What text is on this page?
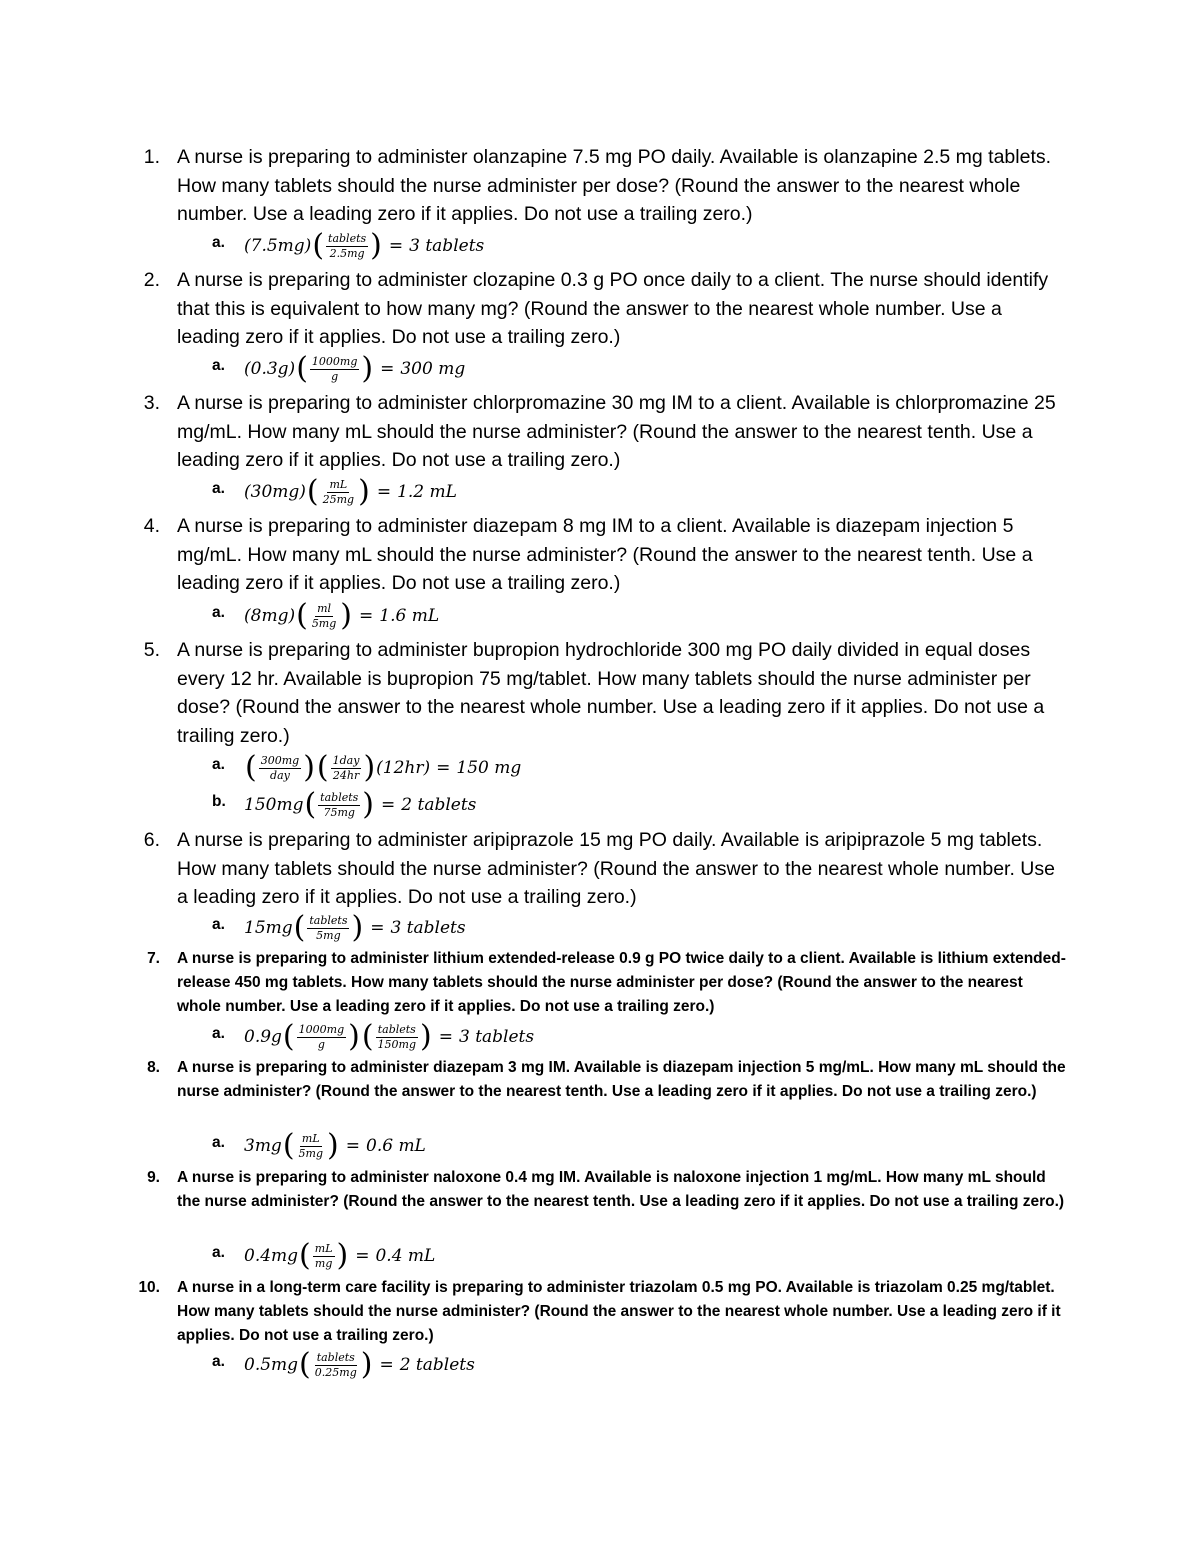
1. A nurse is preparing to administer olanzapine 7.5 mg PO daily. Available is olanzapine 2.5 mg tablets. How many tablets should the nurse administer per dose? (Round the answer to the nearest whole number. Use a leading zero if it applies. Do not use a trailing zero.)
a. (7.5mg) ( $\frac{\text{tablets}}{2.5mg}$ ) = 3 tablets
2. A nurse is preparing to administer clozapine 0.3 g PO once daily to a client. The nurse should identify that this is equivalent to how many mg? (Round the answer to the nearest whole number. Use a leading zero if it applies. Do not use a trailing zero.)
a. (0.3g) ( $\frac{1000mg}{g}$ ) = 300 mg
3. A nurse is preparing to administer chlorpromazine 30 mg IM to a client. Available is chlorpromazine 25 mg/mL. How many mL should the nurse administer? (Round the answer to the nearest tenth. Use a leading zero if it applies. Do not use a trailing zero.)
a. (30mg) ( $\frac{mL}{25mg}$ ) = 1.2 mL
4. A nurse is preparing to administer diazepam 8 mg IM to a client. Available is diazepam injection 5 mg/mL. How many mL should the nurse administer? (Round the answer to the nearest tenth. Use a leading zero if it applies. Do not use a trailing zero.)
a. (8mg) ( $\frac{ml}{5mg}$ ) = 1.6 mL
5. A nurse is preparing to administer bupropion hydrochloride 300 mg PO daily divided in equal doses every 12 hr. Available is bupropion 75 mg/tablet. How many tablets should the nurse administer per dose? (Round the answer to the nearest whole number. Use a leading zero if it applies. Do not use a trailing zero.)
a. ( $\frac{300mg}{\text{day}}$ ) ( $\frac{\text{1day}}{24hr}$ ) (12hr) = 150 mg
b. 150mg ( $\frac{\text{tablets}}{75mg}$ ) = 2 tablets
6. A nurse is preparing to administer aripiprazole 15 mg PO daily. Available is aripiprazole 5 mg tablets. How many tablets should the nurse administer? (Round the answer to the nearest whole number. Use a leading zero if it applies. Do not use a trailing zero.)
a. 15mg ( $\frac{\text{tablets}}{5mg}$ ) = 3 tablets
7. A nurse is preparing to administer lithium extended-release 0.9 g PO twice daily to a client. Available is lithium extended-release 450 mg tablets. How many tablets should the nurse administer per dose? (Round the answer to the nearest whole number. Use a leading zero if it applies. Do not use a trailing zero.)
a. 0.9g ( $\frac{1000mg}{g}$ ) ( $\frac{\text{tablets}}{150mg}$ ) = 3 tablets
8. A nurse is preparing to administer diazepam 3 mg IM. Available is diazepam injection 5 mg/mL. How many mL should the nurse administer? (Round the answer to the nearest tenth. Use a leading zero if it applies. Do not use a trailing zero.)
a. 3mg ( $\frac{mL}{5mg}$ ) = 0.6 mL
9. A nurse is preparing to administer naloxone 0.4 mg IM. Available is naloxone injection 1 mg/mL. How many mL should the nurse administer? (Round the answer to the nearest tenth. Use a leading zero if it applies. Do not use a trailing zero.)
a. 0.4mg ( $\frac{mL}{mg}$ ) = 0.4 mL
10. A nurse in a long-term care facility is preparing to administer triazolam 0.5 mg PO. Available is triazolam 0.25 mg/tablet. How many tablets should the nurse administer? (Round the answer to the nearest whole number. Use a leading zero if it applies. Do not use a trailing zero.)
a. 0.5mg ( $\frac{\text{tablets}}{0.25mg}$ ) = 2 tablets
